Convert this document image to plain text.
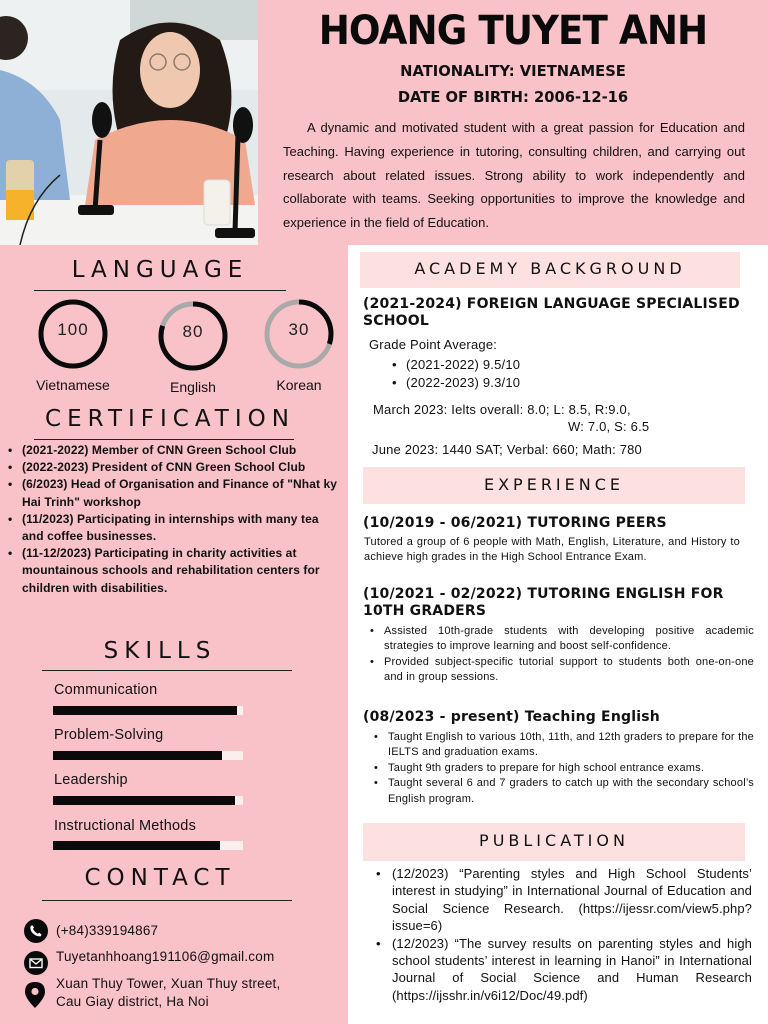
HOANG TUYET ANH
NATIONALITY: VIETNAMESE
DATE OF BIRTH: 2006-12-16
A dynamic and motivated student with a great passion for Education and Teaching. Having experience in tutoring, consulting children, and carrying out research about related issues. Strong ability to work independently and collaborate with teams. Seeking opportunities to improve the knowledge and experience in the field of Education.
LANGUAGE
100
Vietnamese
80
English
30
Korean
CERTIFICATION
• (2021-2022) Member of CNN Green School Club
• (2022-2023) President of CNN Green School Club
• (6/2023) Head of Organisation and Finance of "Nhat ky Hai Trinh" workshop
• (11/2023) Participating in internships with many tea and coffee businesses.
• (11-12/2023) Participating in charity activities at mountainous schools and rehabilitation centers for children with disabilities.
SKILLS
Communication
Problem-Solving
Leadership
Instructional Methods
CONTACT
(+84)339194867
Tuyetanhhoang191106@gmail.com
Xuan Thuy Tower, Xuan Thuy street,
Cau Giay district, Ha Noi
ACADEMY BACKGROUND
(2021-2024) FOREIGN LANGUAGE SPECIALISED SCHOOL
Grade Point Average:
• (2021-2022) 9.5/10
• (2022-2023) 9.3/10
March 2023: Ielts overall: 8.0; L: 8.5, R:9.0,
W: 7.0, S: 6.5
June 2023: 1440 SAT; Verbal: 660; Math: 780
EXPERIENCE
(10/2019 - 06/2021) TUTORING PEERS
Tutored a group of 6 people with Math, English, Literature, and History to achieve high grades in the High School Entrance Exam.
(10/2021 - 02/2022) TUTORING ENGLISH FOR
10TH GRADERS
• Assisted 10th-grade students with developing positive academic strategies to improve learning and boost self-confidence.
• Provided subject-specific tutorial support to students both one-on-one and in group sessions.
(08/2023 - present) Teaching English
• Taught English to various 10th, 11th, and 12th graders to prepare for the IELTS and graduation exams.
• Taught 9th graders to prepare for high school entrance exams.
• Taught several 6 and 7 graders to catch up with the secondary school’s English program.
PUBLICATION
• (12/2023) “Parenting styles and High School Students’ interest in studying” in International Journal of Education and Social Science Research. (https://ijessr.com/view5.php?issue=6)
• (12/2023) “The survey results on parenting styles and high school students’ interest in learning in Hanoi” in International Journal of Social Science and Human Research (https://ijsshr.in/v6i12/Doc/49.pdf)
